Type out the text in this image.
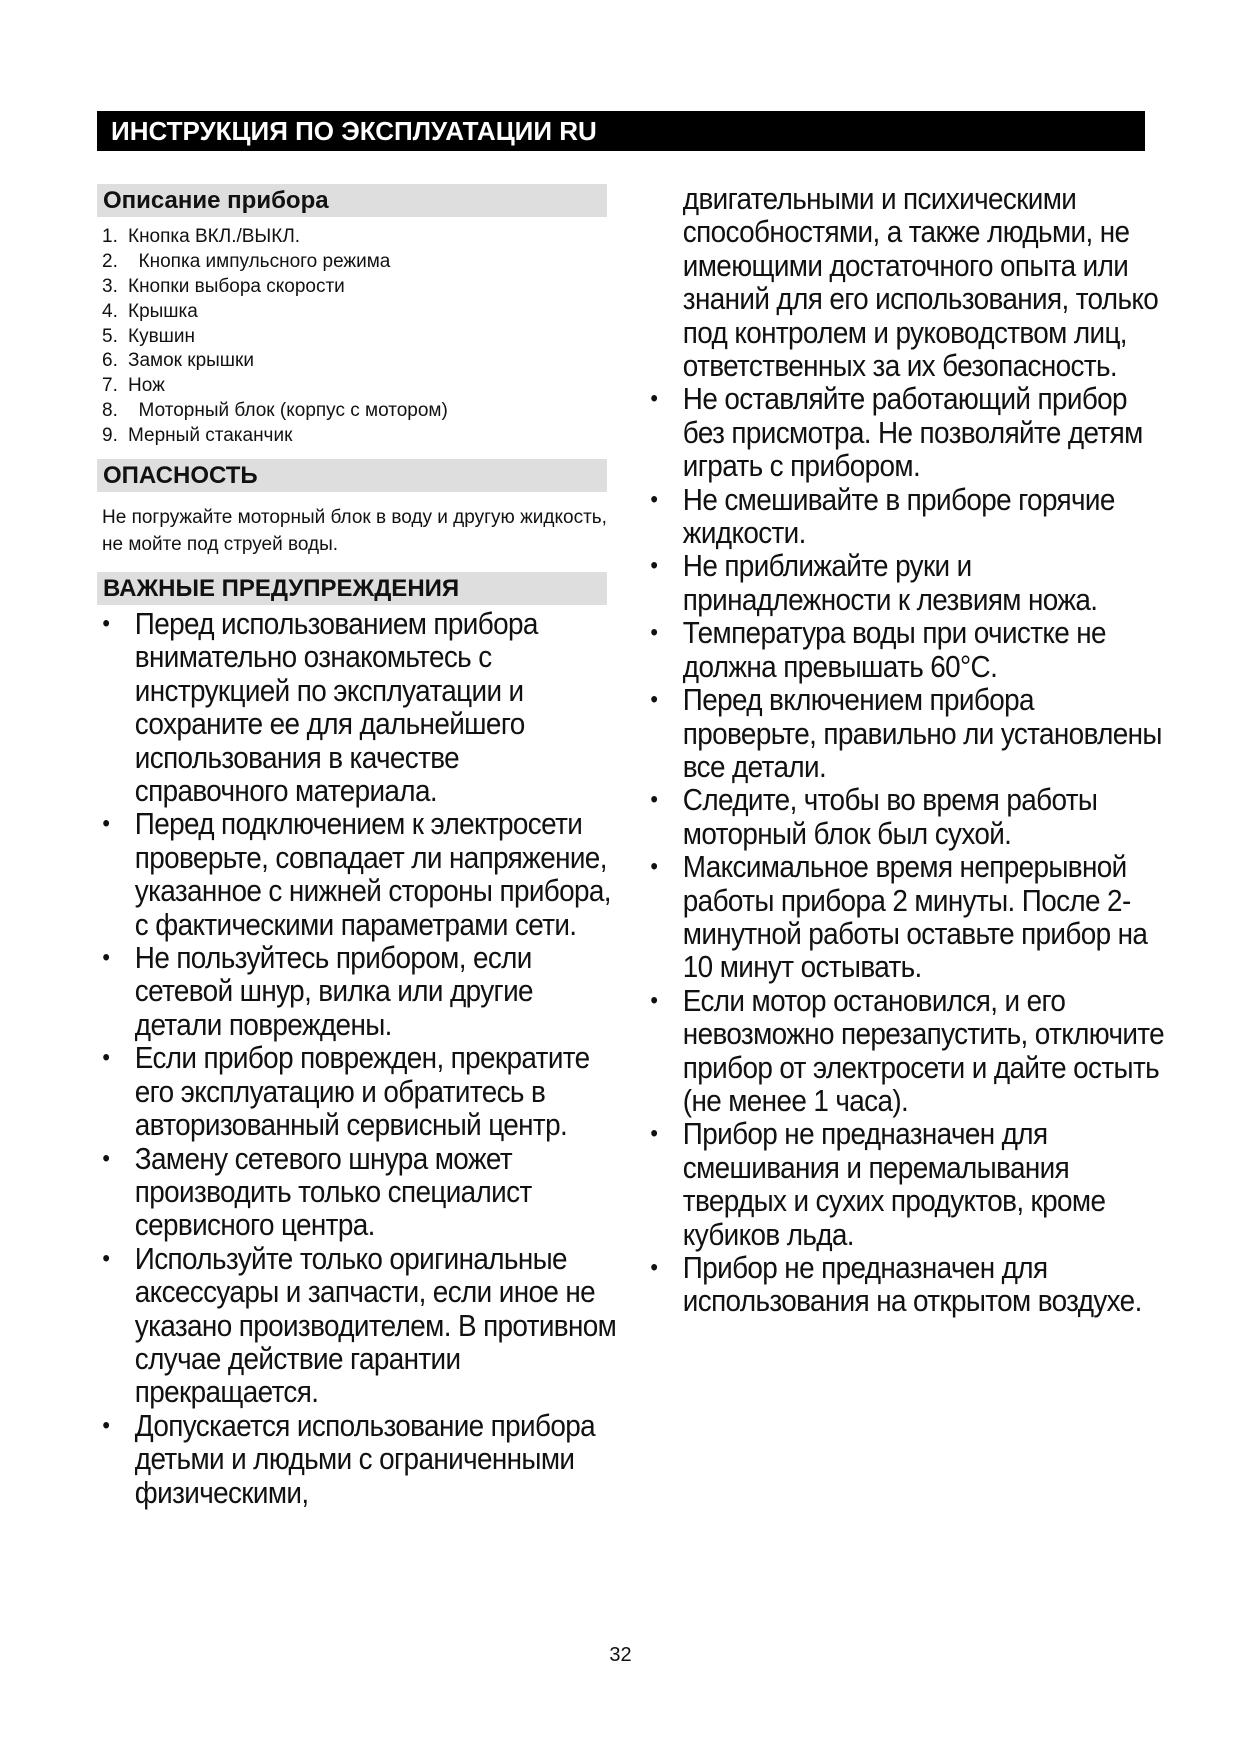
ИНСТРУКЦИЯ ПО ЭКСПЛУАТАЦИИ RU
Описание прибора
1. Кнопка ВКЛ./ВЫКЛ.
2.  Кнопка импульсного режима
3. Кнопки выбора скорости
4. Крышка
5. Кувшин
6. Замок крышки
7. Нож
8.  Моторный блок (корпус с мотором)
9. Мерный стаканчик
ОПАСНОСТЬ
Не погружайте моторный блок в воду и другую жидкость, не мойте под струей воды.
ВАЖНЫЕ ПРЕДУПРЕЖДЕНИЯ
• Перед использованием прибора внимательно ознакомьтесь с инструкцией по эксплуатации и сохраните ее для дальнейшего использования в качестве справочного материала.
• Перед подключением к электросети проверьте, совпадает ли напряжение, указанное с нижней стороны прибора, с фактическими параметрами сети.
• Не пользуйтесь прибором, если сетевой шнур, вилка или другие детали повреждены.
• Если прибор поврежден, прекратите его эксплуатацию и обратитесь в авторизованный сервисный центр.
• Замену сетевого шнура может производить только специалист сервисного центра.
• Используйте только оригинальные аксессуары и запчасти, если иное не указано производителем. В противном случае действие гарантии прекращается.
• Допускается использование прибора детьми и людьми с ограниченными физическими,
двигательными и психическими способностями, а также людьми, не имеющими достаточного опыта или знаний для его использования, только под контролем и руководством лиц, ответственных за их безопасность.
• Не оставляйте работающий прибор без присмотра. Не позволяйте детям играть с прибором.
• Не смешивайте в приборе горячие жидкости.
• Не приближайте руки и принадлежности к лезвиям ножа.
• Температура воды при очистке не должна превышать 60°С.
• Перед включением прибора проверьте, правильно ли установлены все детали.
• Следите, чтобы во время работы моторный блок был сухой.
• Максимальное время непрерывной работы прибора 2 минуты. После 2-минутной работы оставьте прибор на 10 минут остывать.
• Если мотор остановился, и его невозможно перезапустить, отключите прибор от электросети и дайте остыть (не менее 1 часа).
• Прибор не предназначен для смешивания и перемалывания твердых и сухих продуктов, кроме кубиков льда.
• Прибор не предназначен для использования на открытом воздухе.
32
